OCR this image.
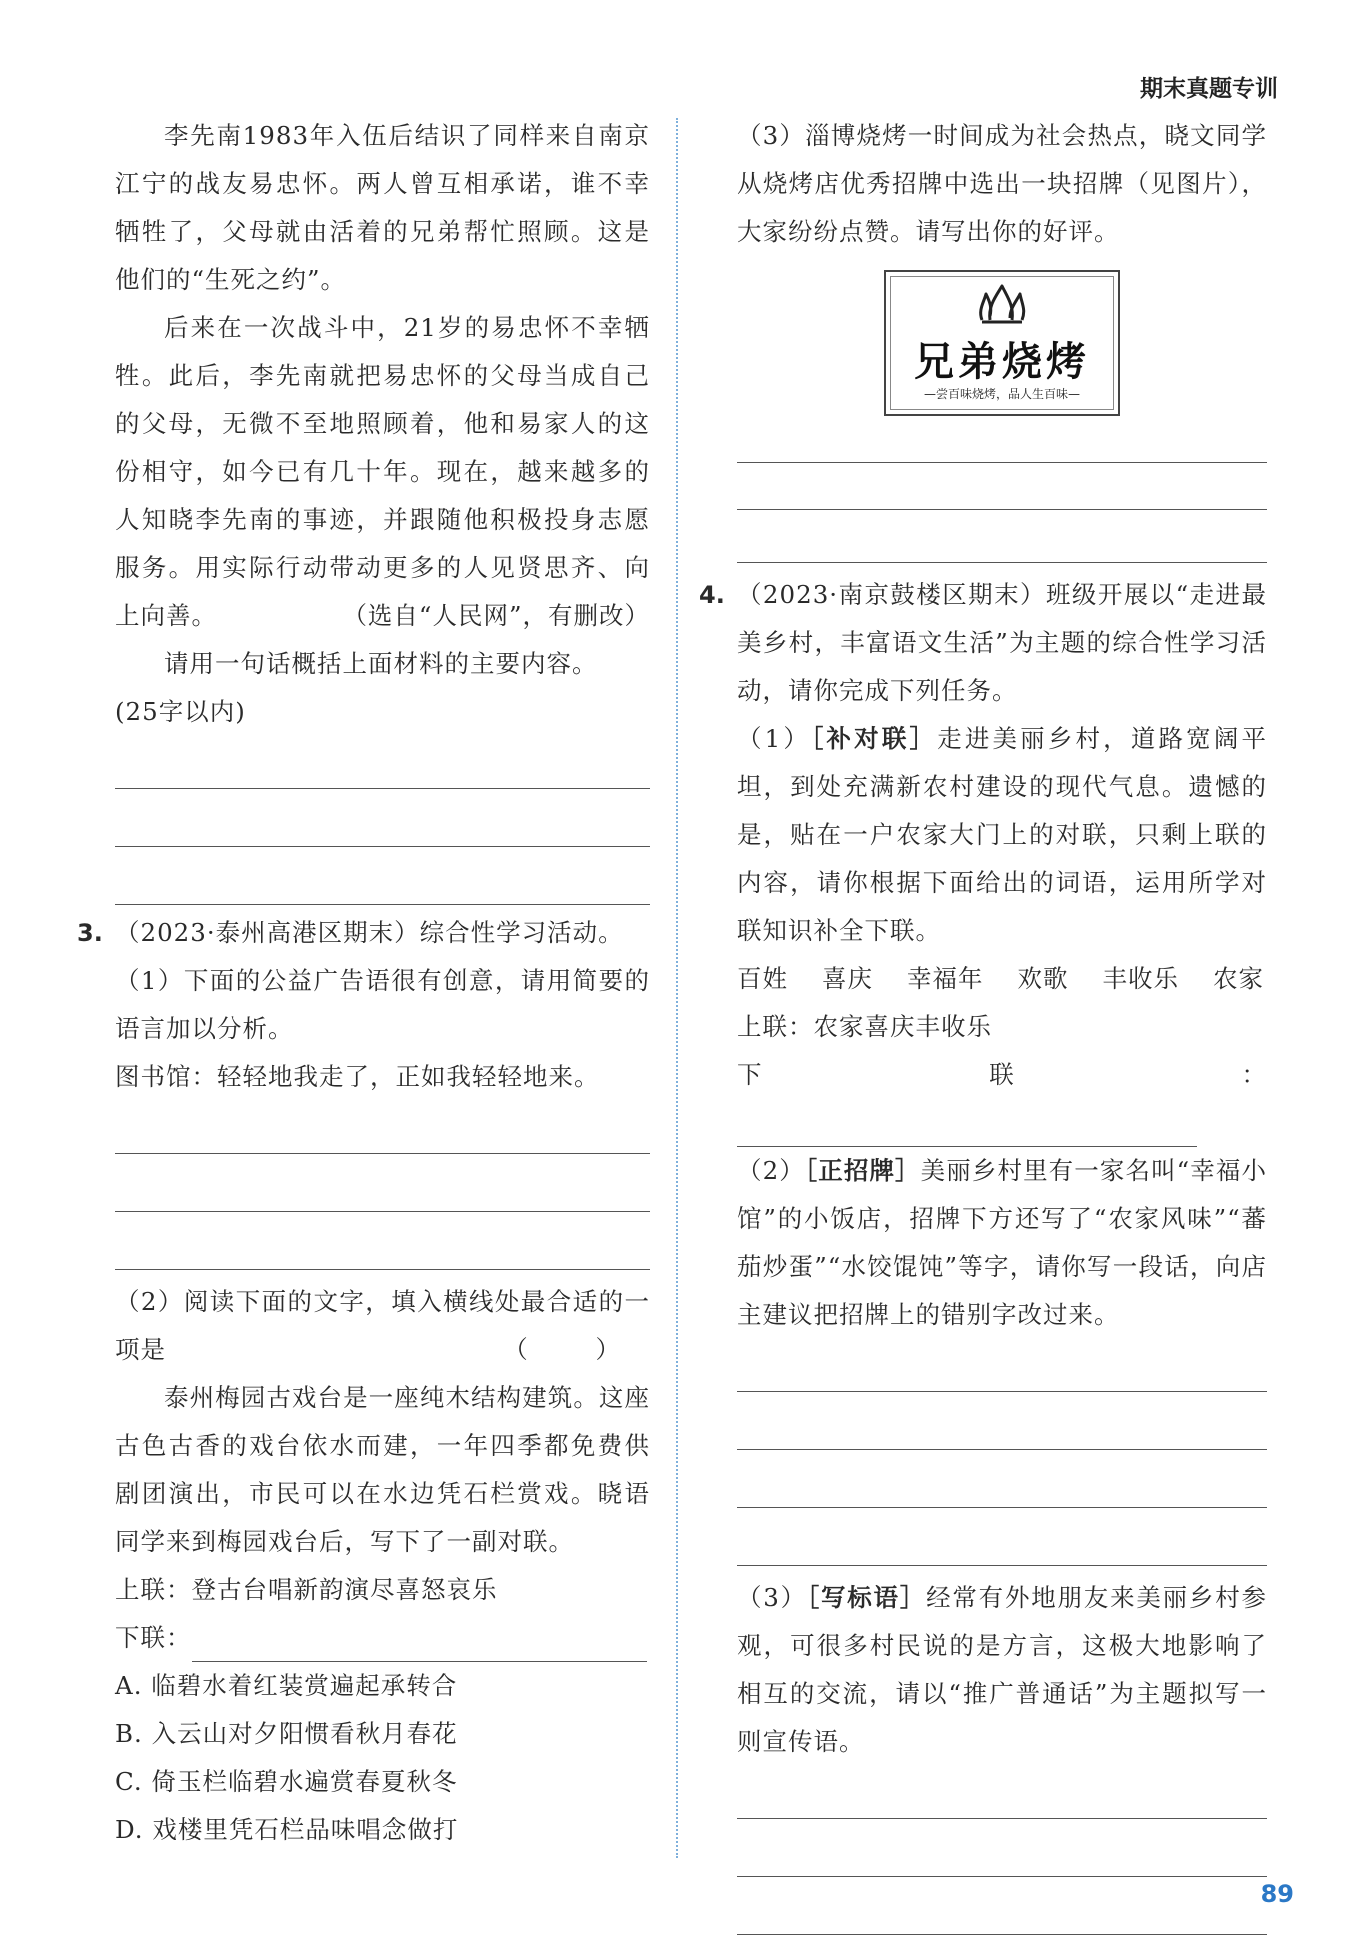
期末真题专训

李先南1983年入伍后结识了同样来自南京江宁的战友易忠怀。两人曾互相承诺，谁不幸牺牲了，父母就由活着的兄弟帮忙照顾。这是他们的“生死之约”。

后来在一次战斗中，21岁的易忠怀不幸牺牲。此后，李先南就把易忠怀的父母当成自己的父母，无微不至地照顾着，他和易家人的这份相守，如今已有几十年。现在，越来越多的人知晓李先南的事迹，并跟随他积极投身志愿服务。用实际行动带动更多的人见贤思齐、向上向善。	（选自“人民网”，有删改）

请用一句话概括上面材料的主要内容。

(25字以内)

3. （2023·泰州高港区期末）综合性学习活动。

（1）下面的公益广告语很有创意，请用简要的语言加以分析。

图书馆：轻轻地我走了，正如我轻轻地来。

（2）阅读下面的文字，填入横线处最合适的一项是	（ ）

泰州梅园古戏台是一座纯木结构建筑。这座古色古香的戏台依水而建，一年四季都免费供剧团演出，市民可以在水边凭石栏赏戏。晓语同学来到梅园戏台后，写下了一副对联。

上联：登古台唱新韵演尽喜怒哀乐

下联：

A. 临碧水着红装赏遍起承转合

B. 入云山对夕阳惯看秋月春花

C. 倚玉栏临碧水遍赏春夏秋冬

D. 戏楼里凭石栏品味唱念做打

（3）淄博烧烤一时间成为社会热点，晓文同学从烧烤店优秀招牌中选出一块招牌（见图片），大家纷纷点赞。请写出你的好评。

兄弟烧烤
—尝百味烧烤，品人生百味—
4. （2023·南京鼓楼区期末）班级开展以“走进最美乡村，丰富语文生活”为主题的综合性学习活动，请你完成下列任务。

（1）［补对联］走进美丽乡村，道路宽阔平坦，到处充满新农村建设的现代气息。遗憾的是，贴在一户农家大门上的对联，只剩上联的内容，请你根据下面给出的词语，运用所学对联知识补全下联。

百姓 喜庆 幸福年 欢歌 丰收乐 农家

上联：农家喜庆丰收乐

下联：

（2）［正招牌］美丽乡村里有一家名叫“幸福小馆”的小饭店，招牌下方还写了“农家风味”“蕃茄炒蛋”“水饺馄饨”等字，请你写一段话，向店主建议把招牌上的错别字改过来。

（3）［写标语］经常有外地朋友来美丽乡村参观，可很多村民说的是方言，这极大地影响了相互的交流，请以“推广普通话”为主题拟写一则宣传语。

89
